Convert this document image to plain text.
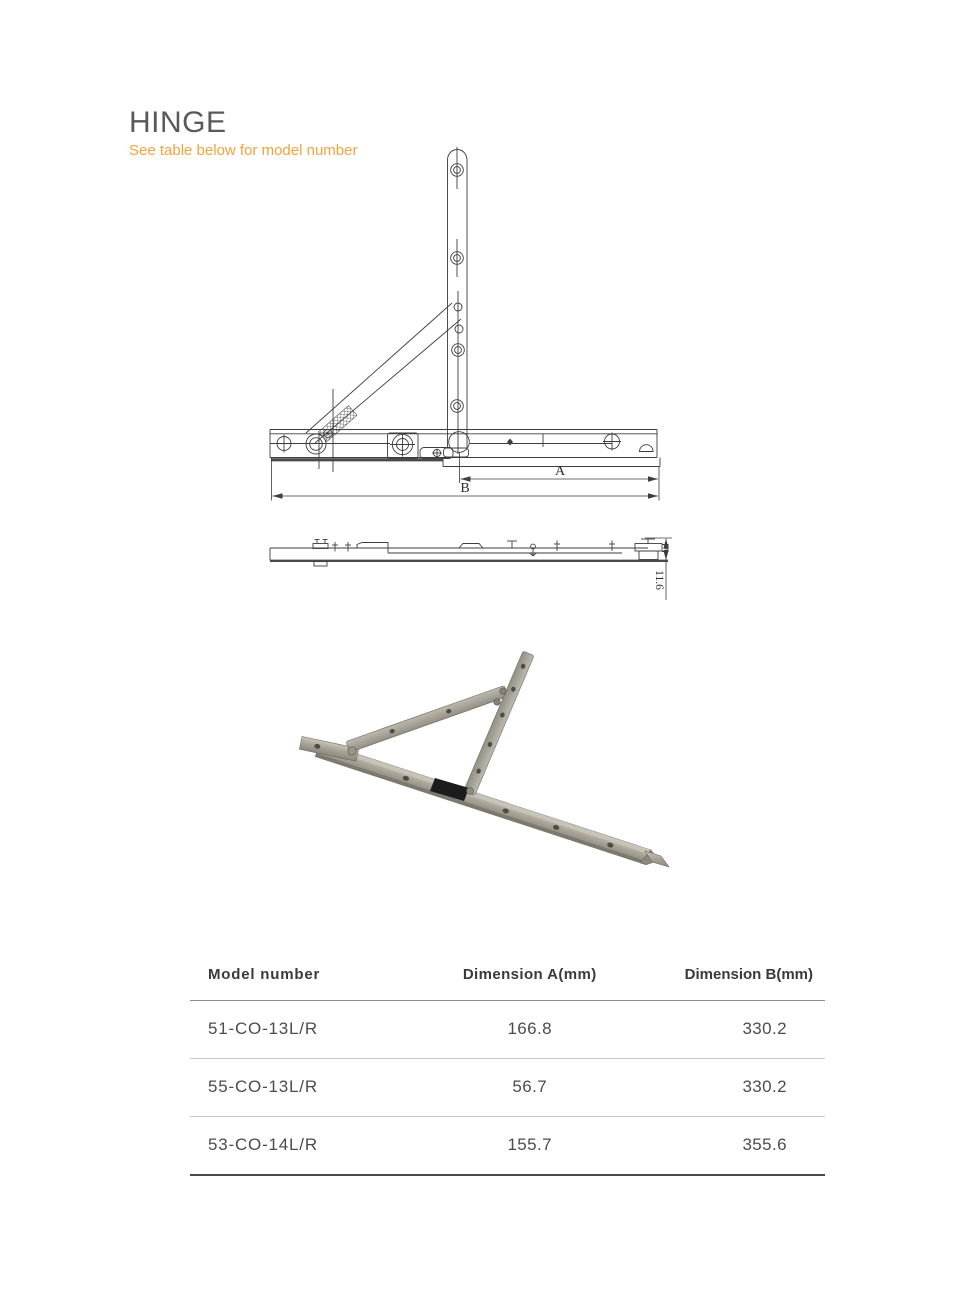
HINGE
See table below for model number
A
B
11.6
Model number	Dimension A(mm)	Dimension B(mm)
51-CO-13L/R	166.8	330.2
55-CO-13L/R	56.7	330.2
53-CO-14L/R	155.7	355.6
